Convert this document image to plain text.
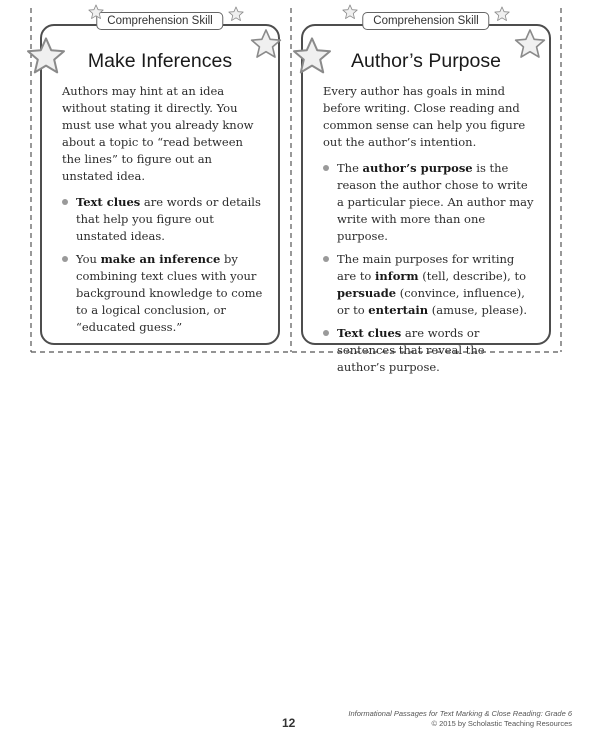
Comprehension Skill
Make Inferences

Authors may hint at an idea without stating it directly. You must use what you already know about a topic to “read between the lines” to figure out an unstated idea.

Text clues are words or details that help you figure out unstated ideas.
You make an inference by combining text clues with your background knowledge to come to a logical conclusion, or “educated guess.”
Comprehension Skill
Author’s Purpose

Every author has goals in mind before writing. Close reading and common sense can help you figure out the author’s intention.

The author’s purpose is the reason the author chose to write a particular piece. An author may write with more than one purpose.
The main purposes for writing are to inform (tell, describe), to persuade (convince, influence), or to entertain (amuse, please).
Text clues are words or sentences that reveal the author’s purpose.
12
Informational Passages for Text Marking & Close Reading: Grade 6
© 2015 by Scholastic Teaching Resources
